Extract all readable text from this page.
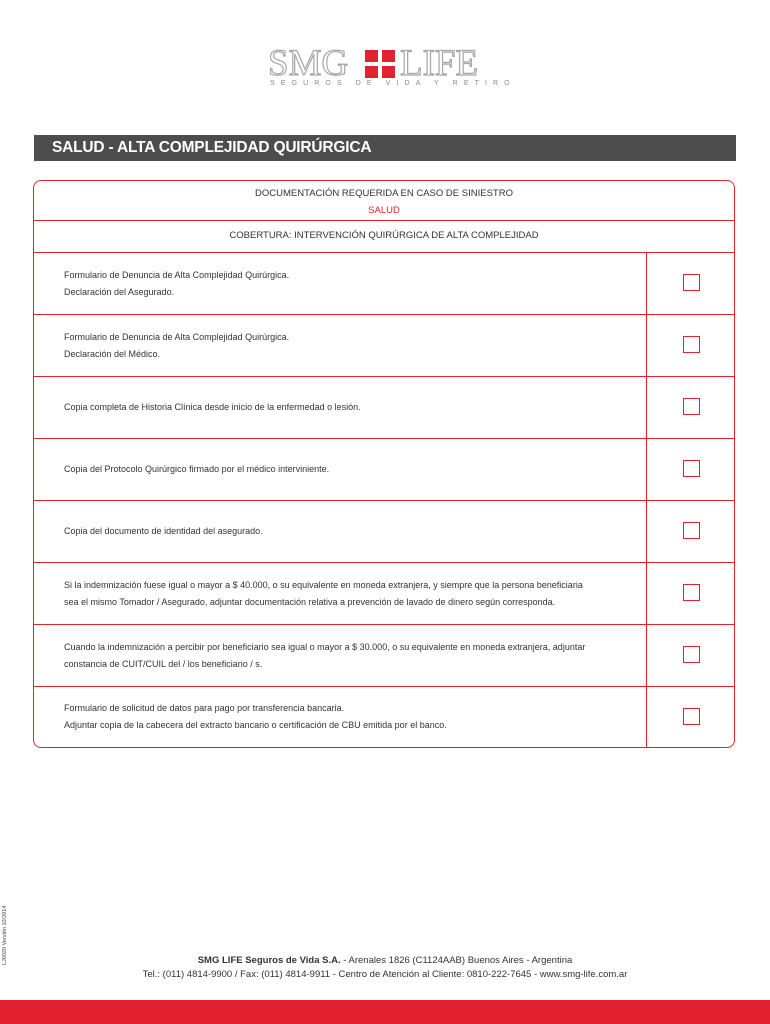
SMG LIFE
SEGUROS DE VIDA Y RETIRO
SALUD - ALTA COMPLEJIDAD QUIRÚRGICA
DOCUMENTACIÓN REQUERIDA EN CASO DE SINIESTRO
SALUD
COBERTURA: INTERVENCIÓN QUIRÚRGICA DE ALTA COMPLEJIDAD
Formulario de Denuncia de Alta Complejidad Quirúrgica.
Declaración del Asegurado.
Formulario de Denuncia de Alta Complejidad Quirúrgica.
Declaración del Médico.
Copia completa de Historia Clínica desde inicio de la enfermedad o lesión.
Copia del Protocolo Quirúrgico firmado por el médico interviniente.
Copia del documento de identidad del asegurado.
Si la indemnización fuese igual o mayor a $ 40.000, o su equivalente en moneda extranjera, y siempre que la persona beneficiaria
sea el mismo Tomador / Asegurado, adjuntar documentación relativa a prevención de lavado de dinero según corresponda.
Cuando la indemnización a percibir por beneficiario sea igual o mayor a $ 30.000, o su equivalente en moneda extranjera, adjuntar
constancia de CUIT/CUIL del / los beneficiario / s.
Formulario de solicitud de datos para pago por transferencia bancaria.
Adjuntar copia de la cabecera del extracto bancario o certificación de CBU emitida por el banco.
LJ0020 Versión 10/2014	SMG LIFE Seguros de Vida S.A. - Arenales 1826 (C1124AAB) Buenos Aires - Argentina
Tel.: (011) 4814-9900 / Fax: (011) 4814-9911 - Centro de Atención al Cliente: 0810-222-7645 - www.smg-life.com.ar
